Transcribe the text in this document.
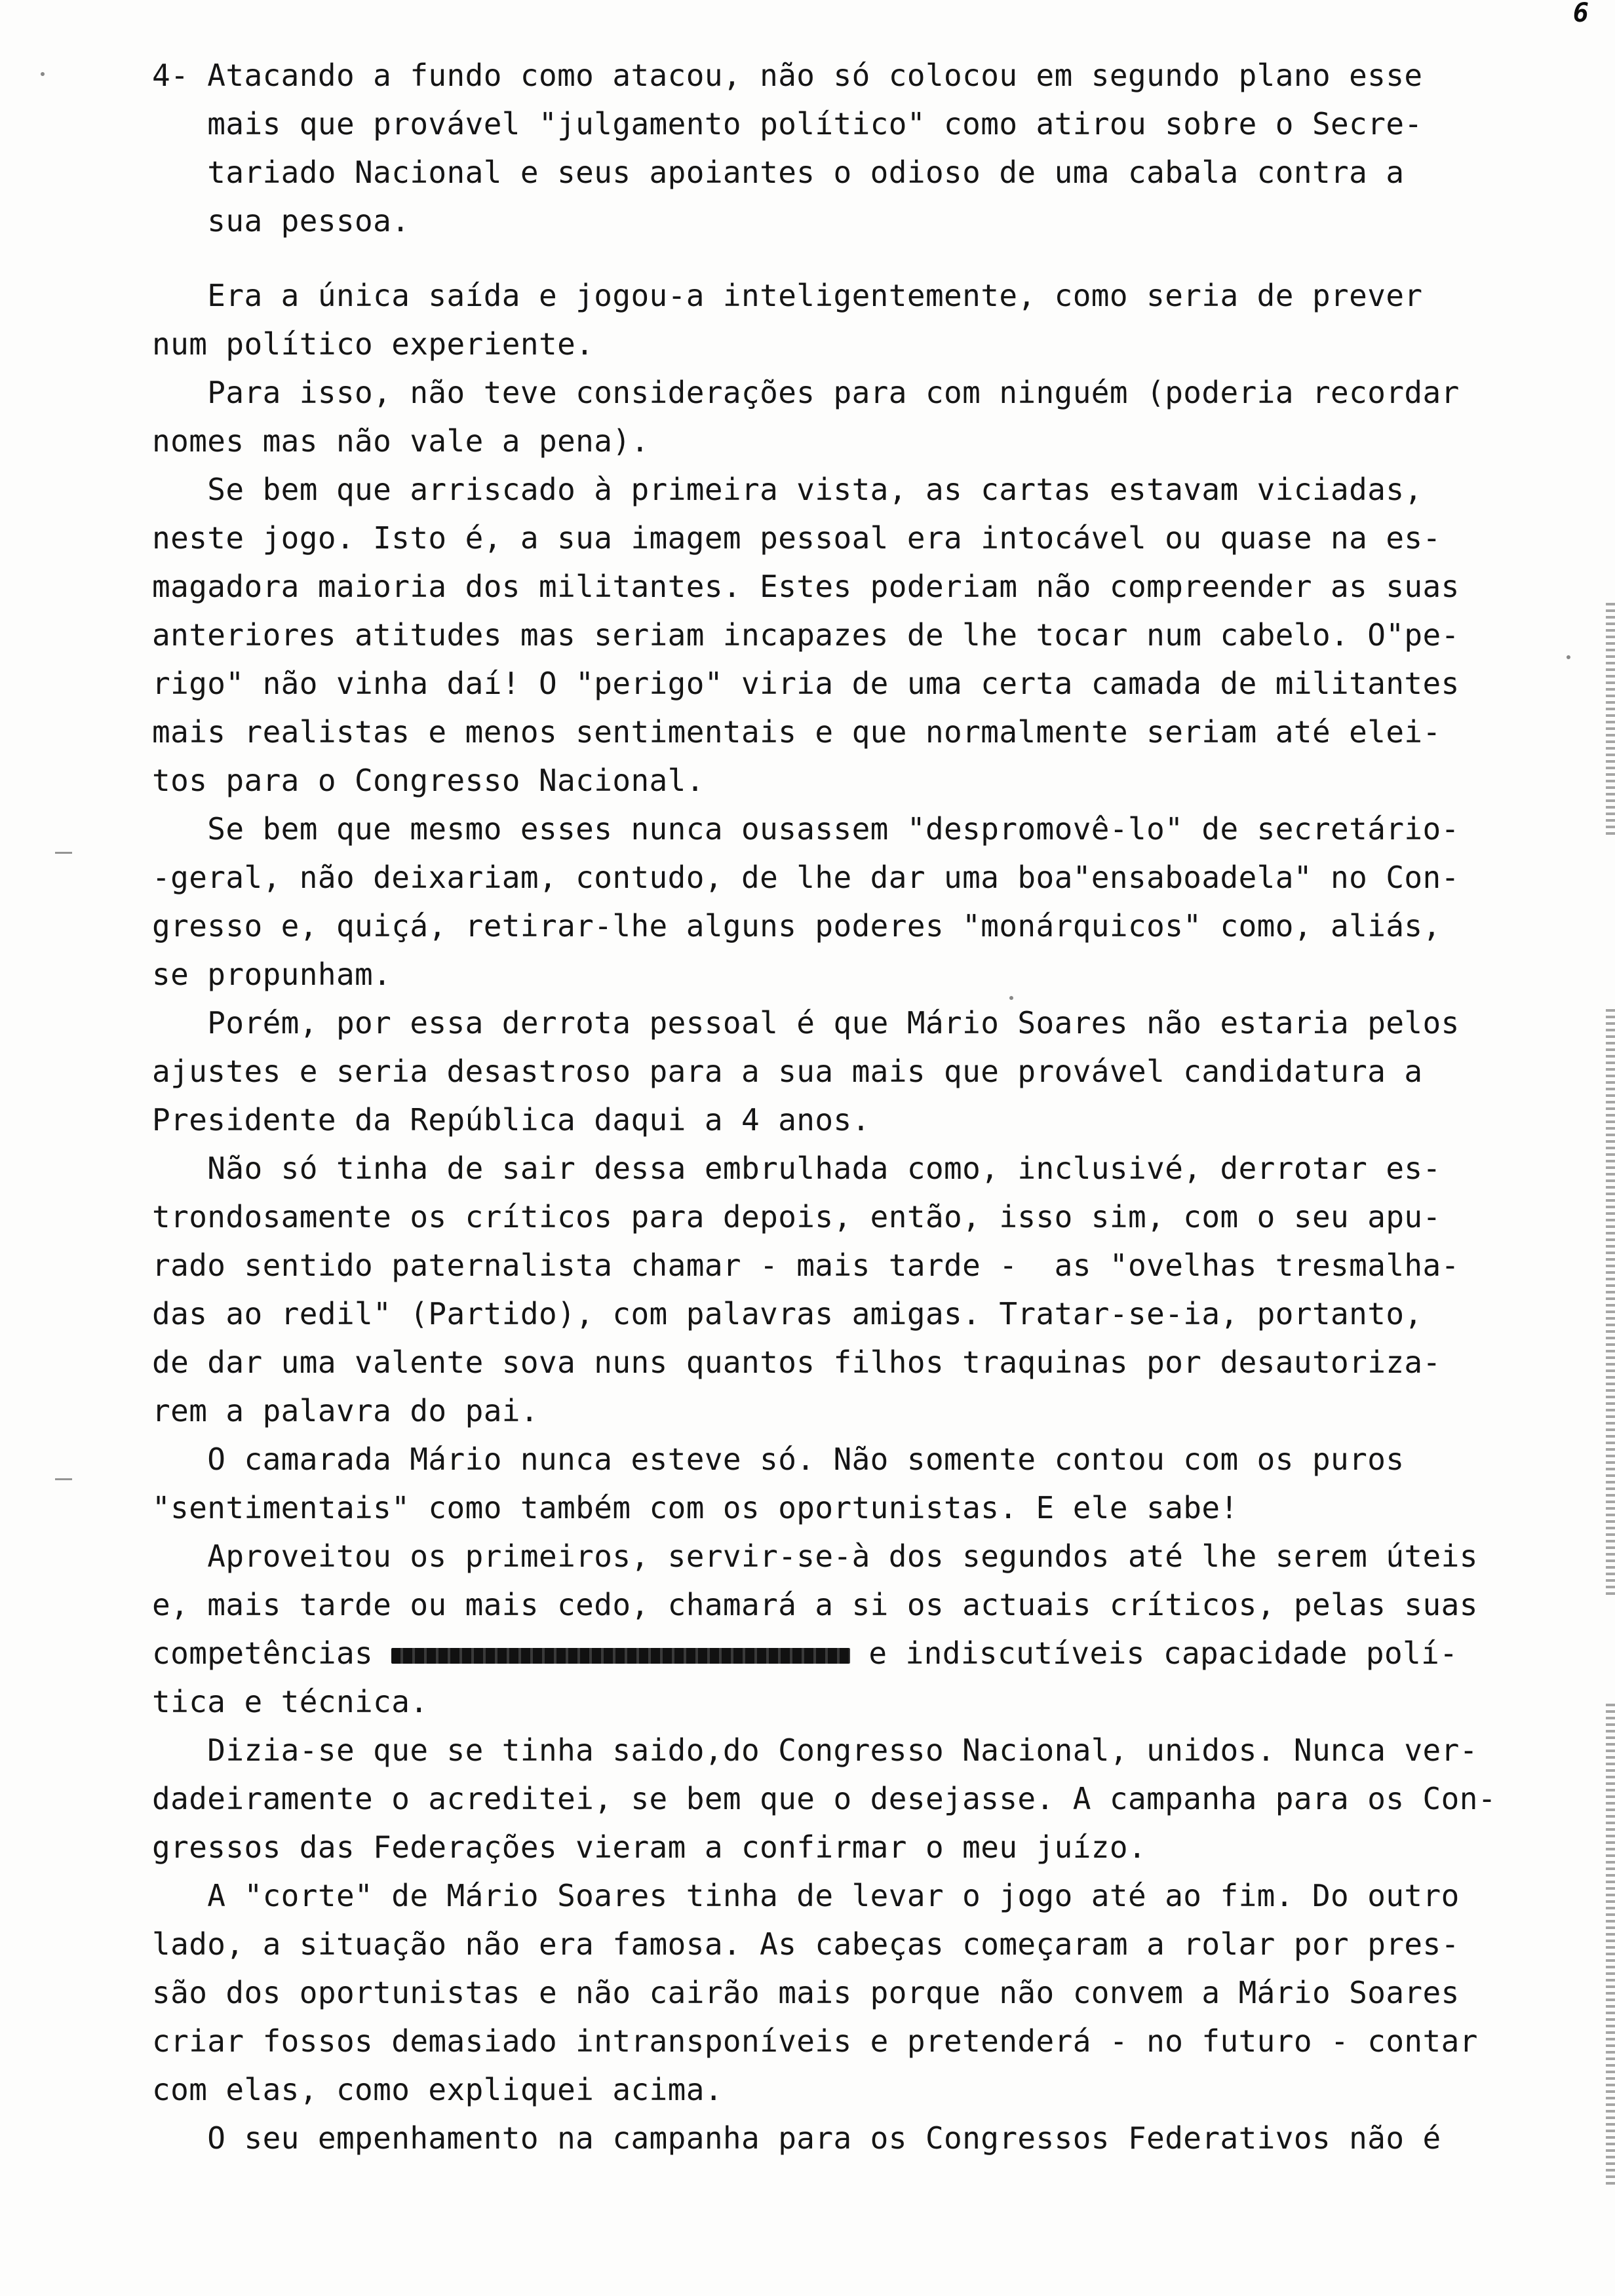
6
4- Atacando a fundo como atacou, não só colocou em segundo plano esse
mais que provável "julgamento político" como atirou sobre o Secre-
tariado Nacional e seus apoiantes o odioso de uma cabala contra a
sua pessoa.
Era a única saída e jogou-a inteligentemente, como seria de prever
num político experiente.
Para isso, não teve considerações para com ninguém (poderia recordar
nomes mas não vale a pena).
Se bem que arriscado à primeira vista, as cartas estavam viciadas,
neste jogo. Isto é, a sua imagem pessoal era intocável ou quase na es-
magadora maioria dos militantes. Estes poderiam não compreender as suas
anteriores atitudes mas seriam incapazes de lhe tocar num cabelo. O"pe-
rigo" não vinha daí! O "perigo" viria de uma certa camada de militantes
mais realistas e menos sentimentais e que normalmente seriam até elei-
tos para o Congresso Nacional.
Se bem que mesmo esses nunca ousassem "despromovê-lo" de secretário-
-geral, não deixariam, contudo, de lhe dar uma boa"ensaboadela" no Con-
gresso e, quiçá, retirar-lhe alguns poderes "monárquicos" como, aliás,
se propunham.
Porém, por essa derrota pessoal é que Mário Soares não estaria pelos
ajustes e seria desastroso para a sua mais que provável candidatura a
Presidente da República daqui a 4 anos.
Não só tinha de sair dessa embrulhada como, inclusivé, derrotar es-
trondosamente os críticos para depois, então, isso sim, com o seu apu-
rado sentido paternalista chamar - mais tarde -  as "ovelhas tresmalha-
das ao redil" (Partido), com palavras amigas. Tratar-se-ia, portanto,
de dar uma valente sova nuns quantos filhos traquinas por desautoriza-
rem a palavra do pai.
O camarada Mário nunca esteve só. Não somente contou com os puros
"sentimentais" como também com os oportunistas. E ele sabe!
Aproveitou os primeiros, servir-se-à dos segundos até lhe serem úteis
e, mais tarde ou mais cedo, chamará a si os actuais críticos, pelas suas
competências	e indiscutíveis capacidade polí-
tica e técnica.
Dizia-se que se tinha saido,do Congresso Nacional, unidos. Nunca ver-
dadeiramente o acreditei, se bem que o desejasse. A campanha para os Con-
gressos das Federações vieram a confirmar o meu juízo.
A "corte" de Mário Soares tinha de levar o jogo até ao fim. Do outro
lado, a situação não era famosa. As cabeças começaram a rolar por pres-
são dos oportunistas e não cairão mais porque não convem a Mário Soares
criar fossos demasiado intransponíveis e pretenderá - no futuro - contar
com elas, como expliquei acima.
O seu empenhamento na campanha para os Congressos Federativos não é
